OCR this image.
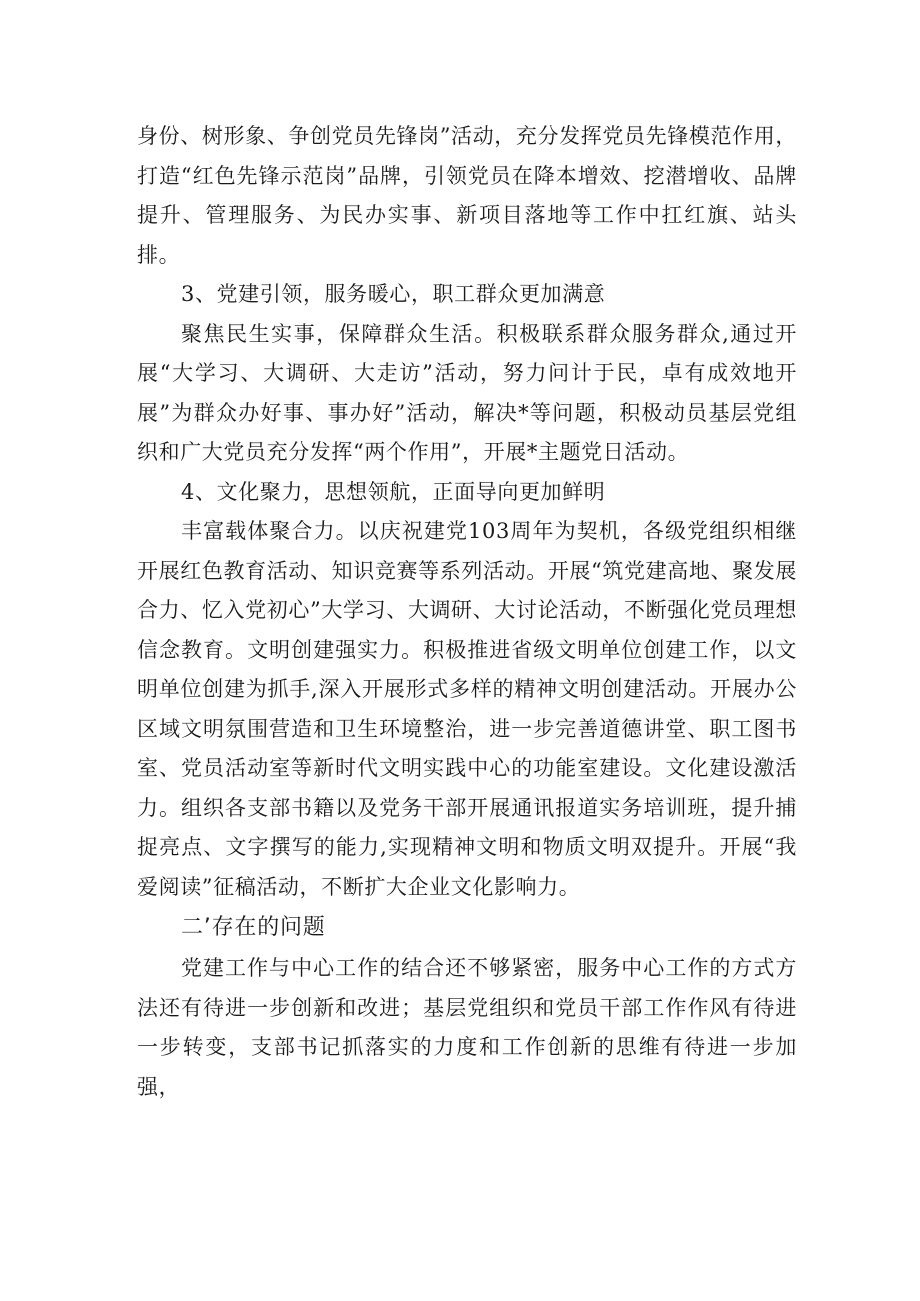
身份、树形象、争创党员先锋岗”活动，充分发挥党员先锋模范作用，打造“红色先锋示范岗”品牌，引领党员在降本增效、挖潜增收、品牌提升、管理服务、为民办实事、新项目落地等工作中扛红旗、站头排。

3、党建引领，服务暖心，职工群众更加满意

聚焦民生实事，保障群众生活。积极联系群众服务群众,通过开展“大学习、大调研、大走访”活动，努力问计于民，卓有成效地开展”为群众办好事、事办好”活动，解决*等问题，积极动员基层党组织和广大党员充分发挥“两个作用”，开展*主题党日活动。

4、文化聚力，思想领航，正面导向更加鲜明

丰富载体聚合力。以庆祝建党103周年为契机，各级党组织相继开展红色教育活动、知识竞赛等系列活动。开展“筑党建高地、聚发展合力、忆入党初心”大学习、大调研、大讨论活动，不断强化党员理想信念教育。文明创建强实力。积极推进省级文明单位创建工作，以文明单位创建为抓手,深入开展形式多样的精神文明创建活动。开展办公区域文明氛围营造和卫生环境整治，进一步完善道德讲堂、职工图书室、党员活动室等新时代文明实践中心的功能室建设。文化建设激活力。组织各支部书籍以及党务干部开展通讯报道实务培训班，提升捕捉亮点、文字撰写的能力,实现精神文明和物质文明双提升。开展“我爱阅读”征稿活动，不断扩大企业文化影响力。

二’存在的问题

党建工作与中心工作的结合还不够紧密，服务中心工作的方式方法还有待进一步创新和改进；基层党组织和党员干部工作作风有待进一步转变，支部书记抓落实的力度和工作创新的思维有待进一步加强，
